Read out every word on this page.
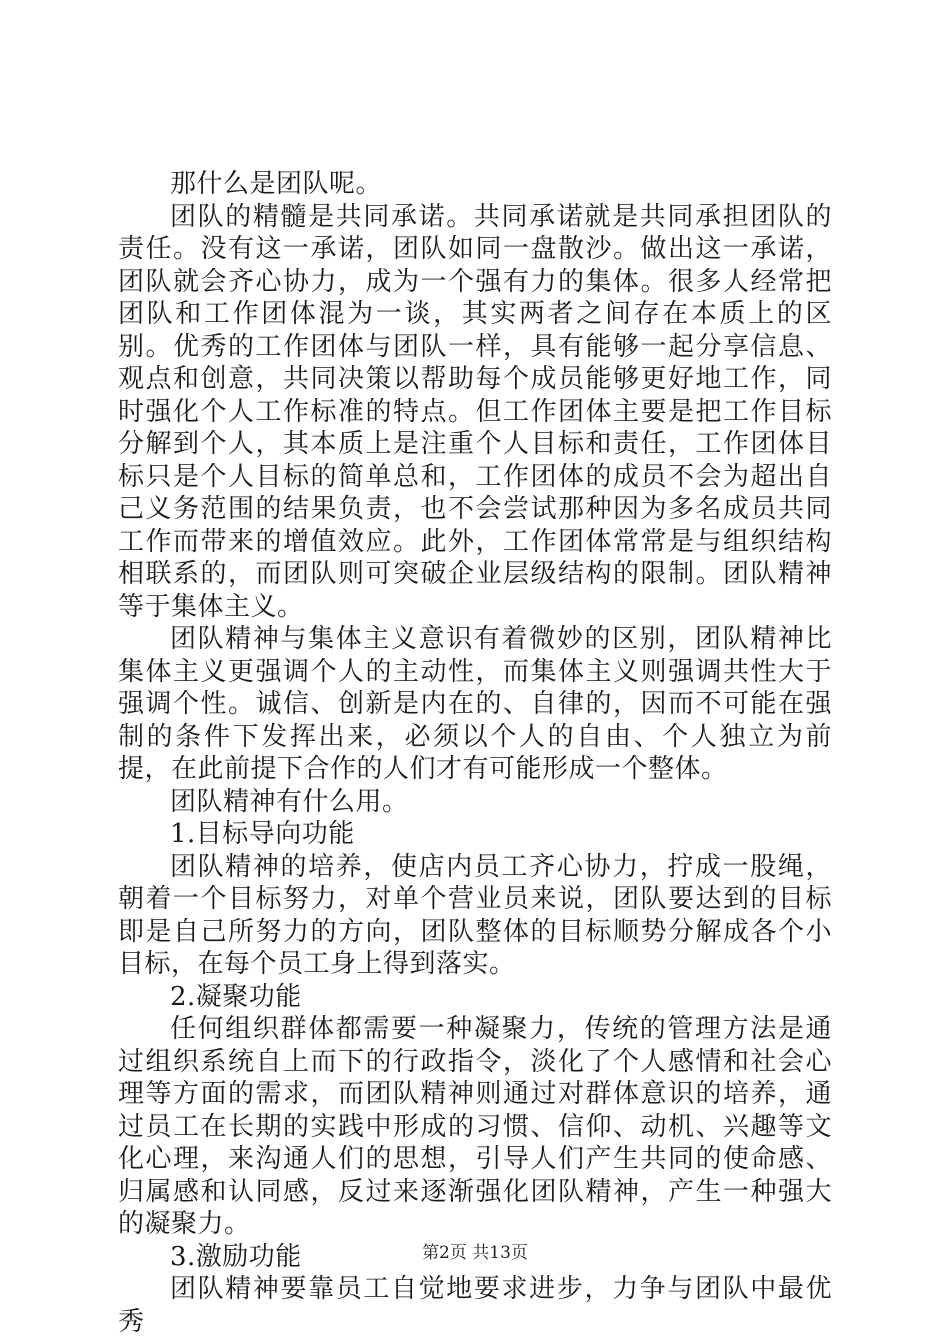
那什么是团队呢。

团队的精髓是共同承诺。共同承诺就是共同承担团队的责任。没有这一承诺，团队如同一盘散沙。做出这一承诺，团队就会齐心协力，成为一个强有力的集体。很多人经常把团队和工作团体混为一谈，其实两者之间存在本质上的区别。优秀的工作团体与团队一样，具有能够一起分享信息、观点和创意，共同决策以帮助每个成员能够更好地工作，同时强化个人工作标准的特点。但工作团体主要是把工作目标分解到个人，其本质上是注重个人目标和责任，工作团体目标只是个人目标的简单总和，工作团体的成员不会为超出自己义务范围的结果负责，也不会尝试那种因为多名成员共同工作而带来的增值效应。此外，工作团体常常是与组织结构相联系的，而团队则可突破企业层级结构的限制。团队精神等于集体主义。

团队精神与集体主义意识有着微妙的区别，团队精神比集体主义更强调个人的主动性，而集体主义则强调共性大于强调个性。诚信、创新是内在的、自律的，因而不可能在强制的条件下发挥出来，必须以个人的自由、个人独立为前提，在此前提下合作的人们才有可能形成一个整体。

团队精神有什么用。

1.目标导向功能

团队精神的培养，使店内员工齐心协力，拧成一股绳，朝着一个目标努力，对单个营业员来说，团队要达到的目标即是自己所努力的方向，团队整体的目标顺势分解成各个小目标，在每个员工身上得到落实。

2.凝聚功能

任何组织群体都需要一种凝聚力，传统的管理方法是通过组织系统自上而下的行政指令，淡化了个人感情和社会心理等方面的需求，而团队精神则通过对群体意识的培养，通过员工在长期的实践中形成的习惯、信仰、动机、兴趣等文化心理，来沟通人们的思想，引导人们产生共同的使命感、归属感和认同感，反过来逐渐强化团队精神，产生一种强大的凝聚力。

3.激励功能

团队精神要靠员工自觉地要求进步，力争与团队中最优秀

第2页 共13页
